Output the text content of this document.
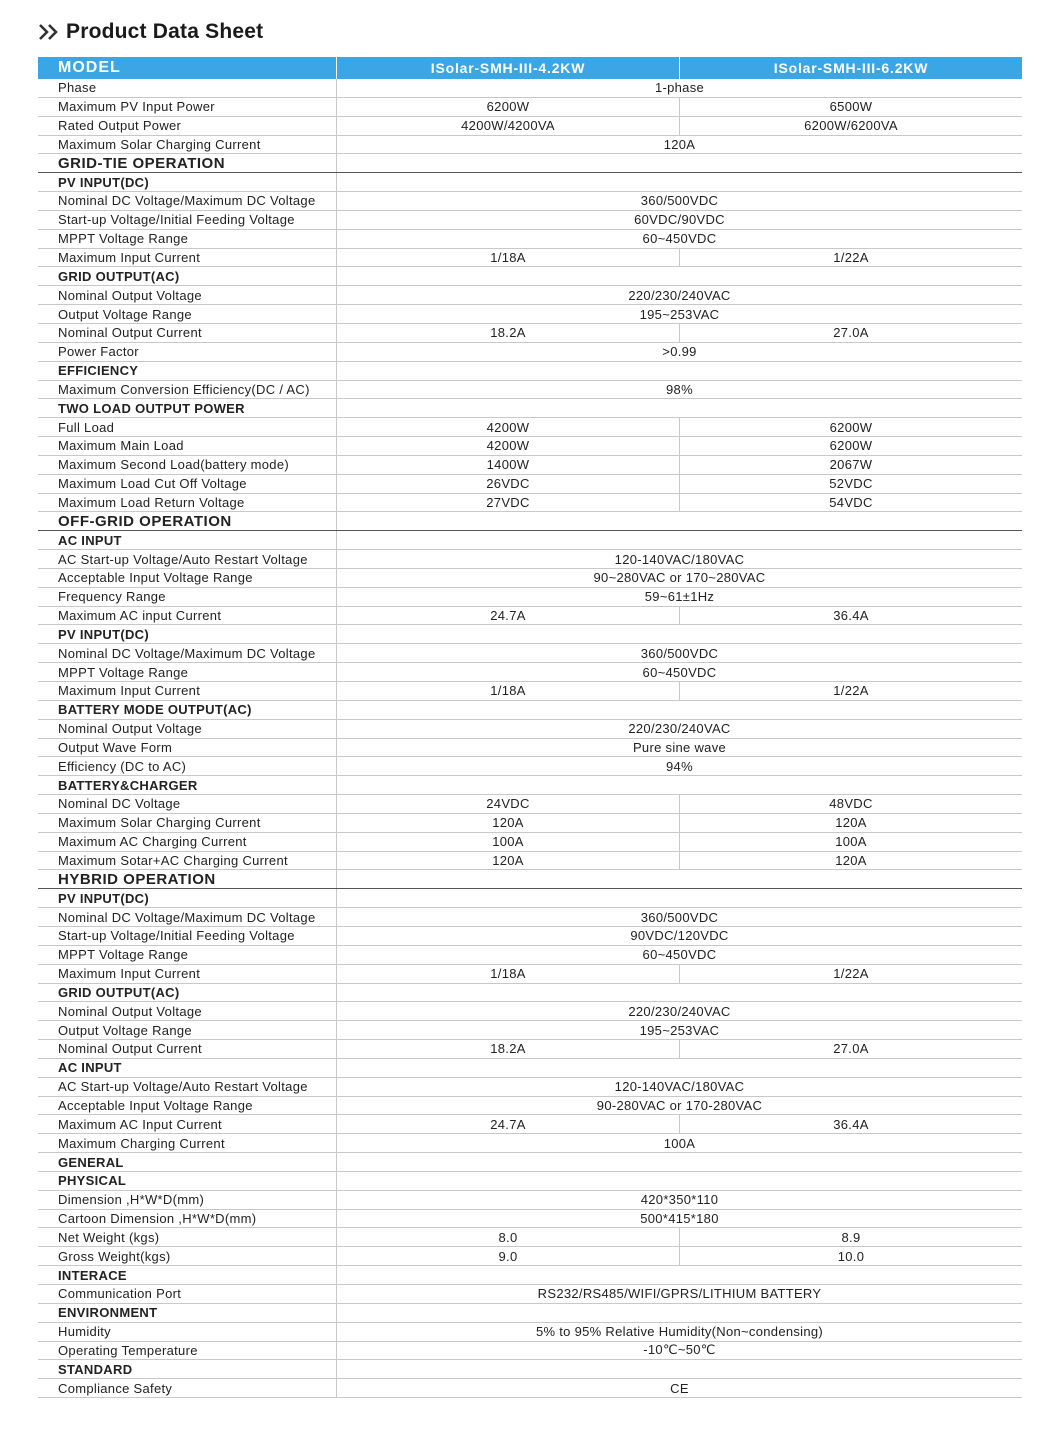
Product Data Sheet
MODEL	ISolar-SMH-III-4.2KW	ISolar-SMH-III-6.2KW
Phase	1-phase
Maximum PV Input Power	6200W	6500W
Rated Output Power	4200W/4200VA	6200W/6200VA
Maximum Solar Charging Current	120A
GRID-TIE OPERATION
PV INPUT(DC)
Nominal DC Voltage/Maximum DC Voltage	360/500VDC
Start-up Voltage/Initial Feeding Voltage	60VDC/90VDC
MPPT Voltage Range	60~450VDC
Maximum Input Current	1/18A	1/22A
GRID OUTPUT(AC)
Nominal Output Voltage	220/230/240VAC
Output Voltage Range	195~253VAC
Nominal Output Current	18.2A	27.0A
Power Factor	>0.99
EFFICIENCY
Maximum Conversion Efficiency(DC / AC)	98%
TWO LOAD OUTPUT POWER
Full Load	4200W	6200W
Maximum Main Load	4200W	6200W
Maximum Second Load(battery mode)	1400W	2067W
Maximum Load Cut Off Voltage	26VDC	52VDC
Maximum Load Return Voltage	27VDC	54VDC
OFF-GRID OPERATION
AC INPUT
AC Start-up Voltage/Auto Restart Voltage	120-140VAC/180VAC
Acceptable Input Voltage Range	90~280VAC or 170~280VAC
Frequency Range	59~61±1Hz
Maximum AC input Current	24.7A	36.4A
PV INPUT(DC)
Nominal DC Voltage/Maximum DC Voltage	360/500VDC
MPPT Voltage Range	60~450VDC
Maximum Input Current	1/18A	1/22A
BATTERY MODE OUTPUT(AC)
Nominal Output Voltage	220/230/240VAC
Output Wave Form	Pure sine wave
Efficiency (DC to AC)	94%
BATTERY&CHARGER
Nominal DC Voltage	24VDC	48VDC
Maximum Solar Charging Current	120A	120A
Maximum AC Charging Current	100A	100A
Maximum Sotar+AC Charging Current	120A	120A
HYBRID OPERATION
PV INPUT(DC)
Nominal DC Voltage/Maximum DC Voltage	360/500VDC
Start-up Voltage/Initial Feeding Voltage	90VDC/120VDC
MPPT Voltage Range	60~450VDC
Maximum Input Current	1/18A	1/22A
GRID OUTPUT(AC)
Nominal Output Voltage	220/230/240VAC
Output Voltage Range	195~253VAC
Nominal Output Current	18.2A	27.0A
AC INPUT
AC Start-up Voltage/Auto Restart Voltage	120-140VAC/180VAC
Acceptable Input Voltage Range	90-280VAC or 170-280VAC
Maximum AC Input Current	24.7A	36.4A
Maximum Charging Current	100A
GENERAL
PHYSICAL
Dimension ,H*W*D(mm)	420*350*110
Cartoon Dimension ,H*W*D(mm)	500*415*180
Net Weight (kgs)	8.0	8.9
Gross Weight(kgs)	9.0	10.0
INTERACE
Communication Port	RS232/RS485/WIFI/GPRS/LITHIUM BATTERY
ENVIRONMENT
Humidity	5% to 95% Relative Humidity(Non~condensing)
Operating Temperature	-10℃~50℃
STANDARD
Compliance Safety	CE
